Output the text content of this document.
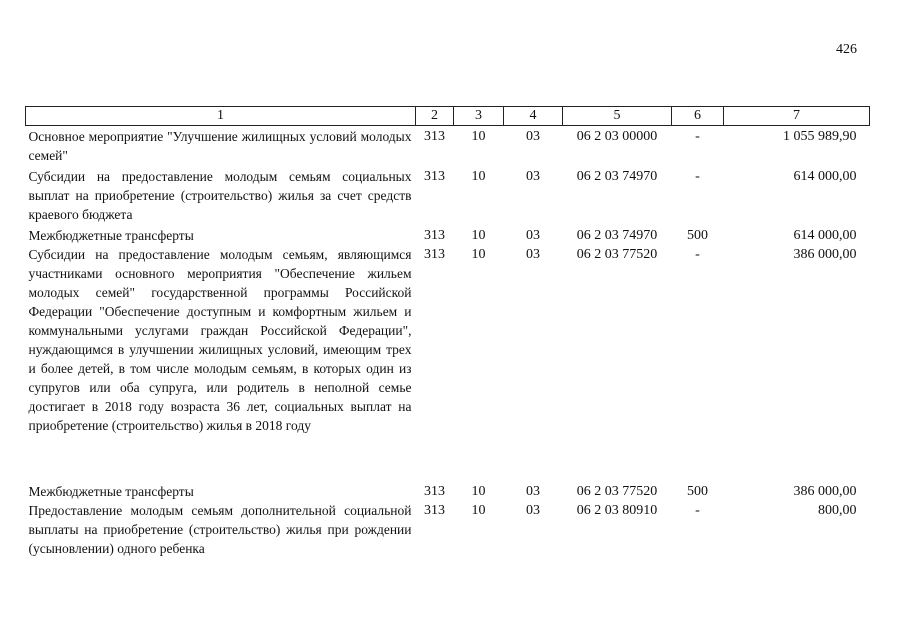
426
1	2	3	4	5	6	7
Основное мероприятие "Улучшение жилищных условий молодых семей"	313	10	03	06 2 03 00000	-	1 055 989,90
Субсидии на предоставление молодым семьям социальных выплат на приобретение (строительство) жилья за счет средств краевого бюджета	313	10	03	06 2 03 74970	-	614 000,00
Межбюджетные трансферты	313	10	03	06 2 03 74970	500	614 000,00
Субсидии на предоставление молодым семьям, являющимся участниками основного мероприятия "Обеспечение жильем молодых семей" государственной программы Российской Федерации "Обеспечение доступным и комфортным жильем и коммунальными услугами граждан Российской Федерации", нуждающимся в улучшении жилищных условий, имеющим трех и более детей, в том числе молодым семьям, в которых один из супругов или оба супруга, или родитель в неполной семье достигает в 2018 году возраста 36 лет, социальных выплат на приобретение (строительство) жилья в 2018 году	313	10	03	06 2 03 77520	-	386 000,00
Межбюджетные трансферты	313	10	03	06 2 03 77520	500	386 000,00
Предоставление молодым семьям дополнительной социальной выплаты на приобретение (строительство) жилья при рождении (усыновлении) одного ребенка	313	10	03	06 2 03 80910	-	800,00
